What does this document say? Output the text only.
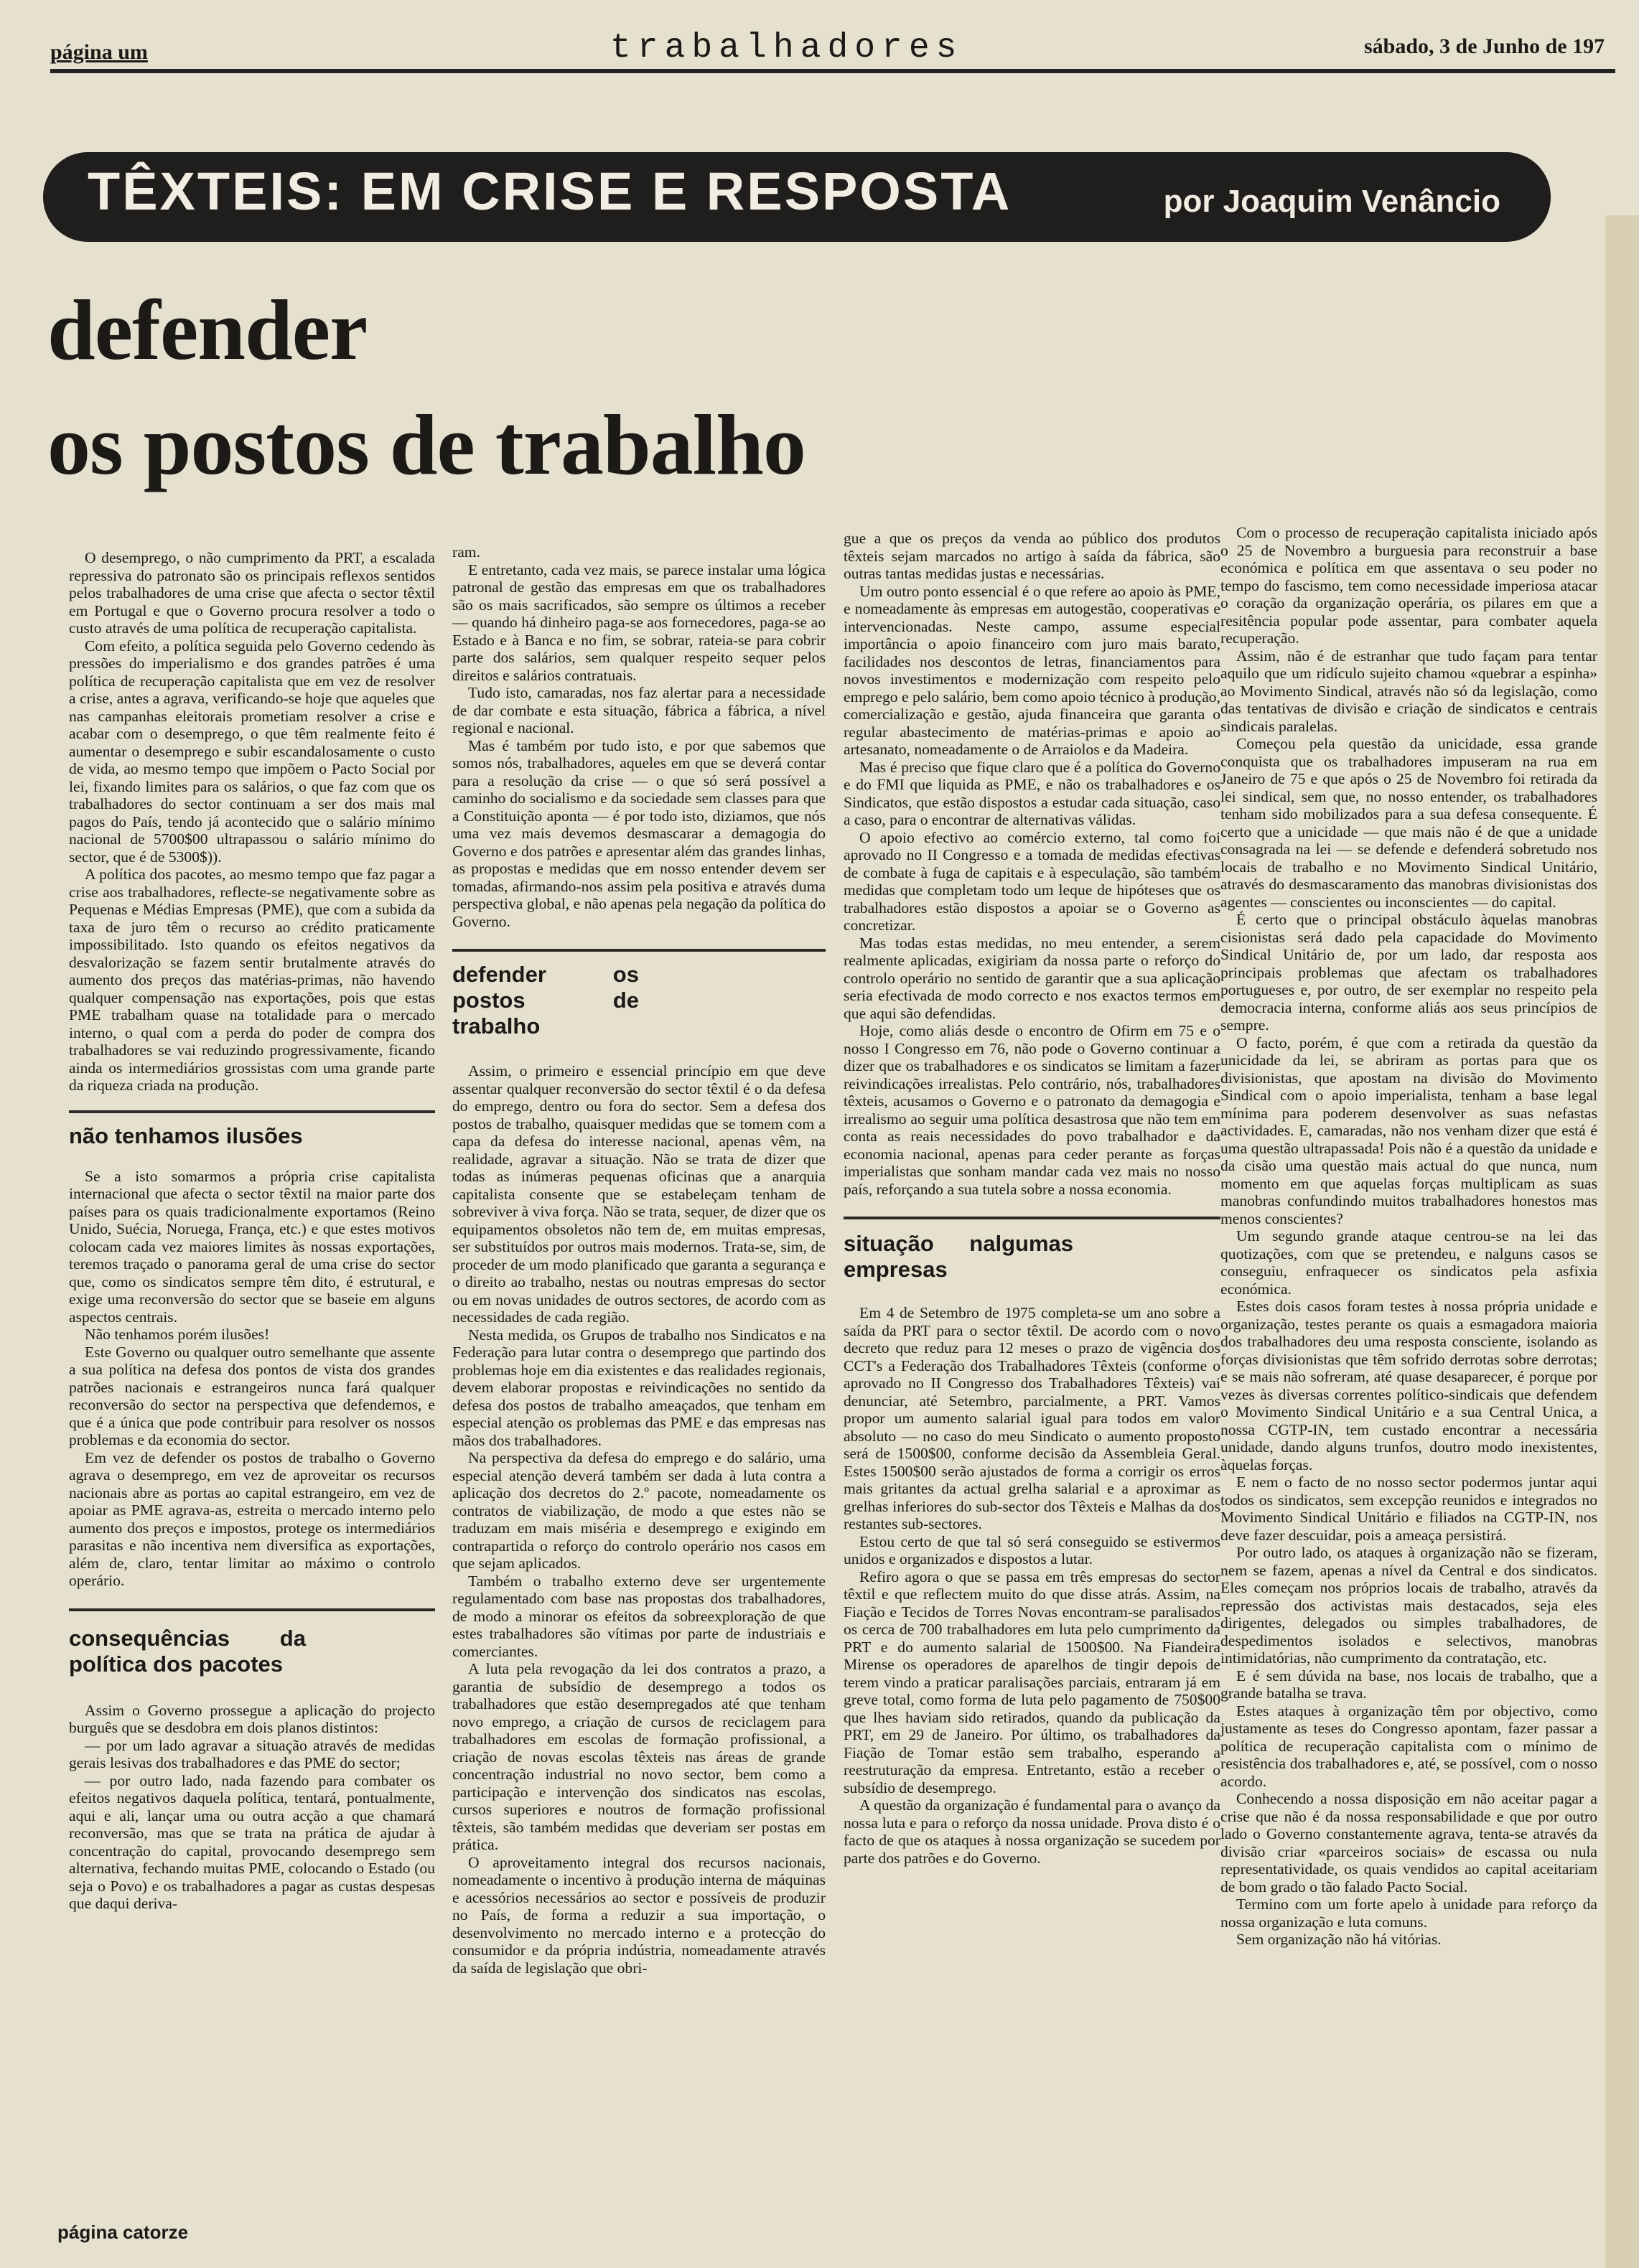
página um	trabalhadores	sábado, 3 de Junho de 197
TÊXTEIS: EM CRISE E RESPOSTA	por Joaquim Venâncio
defender
os postos de trabalho

O desemprego, o não cumprimento da PRT, a escalada repressiva do patronato são os principais reflexos sentidos pelos trabalhadores de uma crise que afecta o sector têxtil em Portugal e que o Governo procura resolver a todo o custo através de uma política de recuperação capitalista.

Com efeito, a política seguida pelo Governo cedendo às pressões do imperialismo e dos grandes patrões é uma política de recuperação capitalista que em vez de resolver a crise, antes a agrava, verificando-se hoje que aqueles que nas campanhas eleitorais prometiam resolver a crise e acabar com o desemprego, o que têm realmente feito é aumentar o desemprego e subir escandalosamente o custo de vida, ao mesmo tempo que impõem o Pacto Social por lei, fixando limites para os salários, o que faz com que os trabalhadores do sector continuam a ser dos mais mal pagos do País, tendo já acontecido que o salário mínimo nacional de 5700$00 ultrapassou o salário mínimo do sector, que é de 5300$)).

A política dos pacotes, ao mesmo tempo que faz pagar a crise aos trabalhadores, reflecte-se negativamente sobre as Pequenas e Médias Empresas (PME), que com a subida da taxa de juro têm o recurso ao crédito praticamente impossibilitado. Isto quando os efeitos negativos da desvalorização se fazem sentir brutalmente através do aumento dos preços das matérias-primas, não havendo qualquer compensação nas exportações, pois que estas PME trabalham quase na totalidade para o mercado interno, o qual com a perda do poder de compra dos trabalhadores se vai reduzindo progressivamente, ficando ainda os intermediários grossistas com uma grande parte da riqueza criada na produção.

não tenhamos ilusões

Se a isto somarmos a própria crise capitalista internacional que afecta o sector têxtil na maior parte dos países para os quais tradicionalmente exportamos (Reino Unido, Suécia, Noruega, França, etc.) e que estes motivos colocam cada vez maiores limites às nossas exportações, teremos traçado o panorama geral de uma crise do sector que, como os sindicatos sempre têm dito, é estrutural, e exige uma reconversão do sector que se baseie em alguns aspectos centrais.

Não tenhamos porém ilusões!

Este Governo ou qualquer outro semelhante que assente a sua política na defesa dos pontos de vista dos grandes patrões nacionais e estrangeiros nunca fará qualquer reconversão do sector na perspectiva que defendemos, e que é a única que pode contribuir para resolver os nossos problemas e da economia do sector.

Em vez de defender os postos de trabalho o Governo agrava o desemprego, em vez de aproveitar os recursos nacionais abre as portas ao capital estrangeiro, em vez de apoiar as PME agrava-as, estreita o mercado interno pelo aumento dos preços e impostos, protege os intermediários parasitas e não incentiva nem diversifica as exportações, além de, claro, tentar limitar ao máximo o controlo operário.

consequências da política dos pacotes

Assim o Governo prossegue a aplicação do projecto burguês que se desdobra em dois planos distintos:

— por um lado agravar a situação através de medidas gerais lesivas dos trabalhadores e das PME do sector;

— por outro lado, nada fazendo para combater os efeitos negativos daquela política, tentará, pontualmente, aqui e ali, lançar uma ou outra acção a que chamará reconversão, mas que se trata na prática de ajudar à concentração do capital, provocando desemprego sem alternativa, fechando muitas PME, colocando o Estado (ou seja o Povo) e os trabalhadores a pagar as custas despesas que daqui deriva-

ram.

E entretanto, cada vez mais, se parece instalar uma lógica patronal de gestão das empresas em que os trabalhadores são os mais sacrificados, são sempre os últimos a receber — quando há dinheiro paga-se aos fornecedores, paga-se ao Estado e à Banca e no fim, se sobrar, rateia-se para cobrir parte dos salários, sem qualquer respeito sequer pelos direitos e salários contratuais.

Tudo isto, camaradas, nos faz alertar para a necessidade de dar combate e esta situação, fábrica a fábrica, a nível regional e nacional.

Mas é também por tudo isto, e por que sabemos que somos nós, trabalhadores, aqueles em que se deverá contar para a resolução da crise — o que só será possível a caminho do socialismo e da sociedade sem classes para que a Constituição aponta — é por todo isto, diziamos, que nós uma vez mais devemos desmascarar a demagogia do Governo e dos patrões e apresentar além das grandes linhas, as propostas e medidas que em nosso entender devem ser tomadas, afirmando-nos assim pela positiva e através duma perspectiva global, e não apenas pela negação da política do Governo.

defender os postos de trabalho

Assim, o primeiro e essencial princípio em que deve assentar qualquer reconversão do sector têxtil é o da defesa do emprego, dentro ou fora do sector. Sem a defesa dos postos de trabalho, quaisquer medidas que se tomem com a capa da defesa do interesse nacional, apenas vêm, na realidade, agravar a situação. Não se trata de dizer que todas as inúmeras pequenas oficinas que a anarquia capitalista consente que se estabeleçam tenham de sobreviver à viva força. Não se trata, sequer, de dizer que os equipamentos obsoletos não tem de, em muitas empresas, ser substituídos por outros mais modernos. Trata-se, sim, de proceder de um modo planificado que garanta a segurança e o direito ao trabalho, nestas ou noutras empresas do sector ou em novas unidades de outros sectores, de acordo com as necessidades de cada região.

Nesta medida, os Grupos de trabalho nos Sindicatos e na Federação para lutar contra o desemprego que partindo dos problemas hoje em dia existentes e das realidades regionais, devem elaborar propostas e reivindicações no sentido da defesa dos postos de trabalho ameaçados, que tenham em especial atenção os problemas das PME e das empresas nas mãos dos trabalhadores.

Na perspectiva da defesa do emprego e do salário, uma especial atenção deverá também ser dada à luta contra a aplicação dos decretos do 2.º pacote, nomeadamente os contratos de viabilização, de modo a que estes não se traduzam em mais miséria e desemprego e exigindo em contrapartida o reforço do controlo operário nos casos em que sejam aplicados.

Também o trabalho externo deve ser urgentemente regulamentado com base nas propostas dos trabalhadores, de modo a minorar os efeitos da sobreexploração de que estes trabalhadores são vítimas por parte de industriais e comerciantes.

A luta pela revogação da lei dos contratos a prazo, a garantia de subsídio de desemprego a todos os trabalhadores que estão desempregados até que tenham novo emprego, a criação de cursos de reciclagem para trabalhadores em escolas de formação profissional, a criação de novas escolas têxteis nas áreas de grande concentração industrial no novo sector, bem como a participação e intervenção dos sindicatos nas escolas, cursos superiores e noutros de formação profissional têxteis, são também medidas que deveriam ser postas em prática.

O aproveitamento integral dos recursos nacionais, nomeadamente o incentivo à produção interna de máquinas e acessórios necessários ao sector e possíveis de produzir no País, de forma a reduzir a sua importação, o desenvolvimento no mercado interno e a protecção do consumidor e da própria indústria, nomeadamente através da saída de legislação que obri-

gue a que os preços da venda ao público dos produtos têxteis sejam marcados no artigo à saída da fábrica, são outras tantas medidas justas e necessárias.

Um outro ponto essencial é o que refere ao apoio às PME, e nomeadamente às empresas em autogestão, cooperativas e intervencionadas. Neste campo, assume especial importância o apoio financeiro com juro mais barato, facilidades nos descontos de letras, financiamentos para novos investimentos e modernização com respeito pelo emprego e pelo salário, bem como apoio técnico à produção, comercialização e gestão, ajuda financeira que garanta o regular abastecimento de matérias-primas e apoio ao artesanato, nomeadamente o de Arraiolos e da Madeira.

Mas é preciso que fique claro que é a política do Governo e do FMI que liquida as PME, e não os trabalhadores e os Sindicatos, que estão dispostos a estudar cada situação, caso a caso, para o encontrar de alternativas válidas.

O apoio efectivo ao comércio externo, tal como foi aprovado no II Congresso e a tomada de medidas efectivas de combate à fuga de capitais e à especulação, são também medidas que completam todo um leque de hipóteses que os trabalhadores estão dispostos a apoiar se o Governo as concretizar.

Mas todas estas medidas, no meu entender, a serem realmente aplicadas, exigiriam da nossa parte o reforço do controlo operário no sentido de garantir que a sua aplicação seria efectivada de modo correcto e nos exactos termos em que aqui são defendidas.

Hoje, como aliás desde o encontro de Ofirm em 75 e o nosso I Congresso em 76, não pode o Governo continuar a dizer que os trabalhadores e os sindicatos se limitam a fazer reivindicações irrealistas. Pelo contrário, nós, trabalhadores têxteis, acusamos o Governo e o patronato da demagogia e irrealismo ao seguir uma política desastrosa que não tem em conta as reais necessidades do povo trabalhador e da economia nacional, apenas para ceder perante as forças imperialistas que sonham mandar cada vez mais no nosso país, reforçando a sua tutela sobre a nossa economia.

situação nalgumas empresas

Em 4 de Setembro de 1975 completa-se um ano sobre a saída da PRT para o sector têxtil. De acordo com o novo decreto que reduz para 12 meses o prazo de vigência dos CCT's a Federação dos Trabalhadores Têxteis (conforme o aprovado no II Congresso dos Trabalhadores Têxteis) vai denunciar, até Setembro, parcialmente, a PRT. Vamos propor um aumento salarial igual para todos em valor absoluto — no caso do meu Sindicato o aumento proposto será de 1500$00, conforme decisão da Assembleia Geral. Estes 1500$00 serão ajustados de forma a corrigir os erros mais gritantes da actual grelha salarial e a aproximar as grelhas inferiores do sub-sector dos Têxteis e Malhas da dos restantes sub-sectores.

Estou certo de que tal só será conseguido se estivermos unidos e organizados e dispostos a lutar.

Refiro agora o que se passa em três empresas do sector têxtil e que reflectem muito do que disse atrás. Assim, na Fiação e Tecidos de Torres Novas encontram-se paralisados os cerca de 700 trabalhadores em luta pelo cumprimento da PRT e do aumento salarial de 1500$00. Na Fiandeira Mirense os operadores de aparelhos de tingir depois de terem vindo a praticar paralisações parciais, entraram já em greve total, como forma de luta pelo pagamento de 750$00 que lhes haviam sido retirados, quando da publicação da PRT, em 29 de Janeiro. Por último, os trabalhadores da Fiação de Tomar estão sem trabalho, esperando a reestruturação da empresa. Entretanto, estão a receber o subsídio de desemprego.

A questão da organização é fundamental para o avanço da nossa luta e para o reforço da nossa unidade. Prova disto é o facto de que os ataques à nossa organização se sucedem por parte dos patrões e do Governo.

Com o processo de recuperação capitalista iniciado após o 25 de Novembro a burguesia para reconstruir a base económica e política em que assentava o seu poder no tempo do fascismo, tem como necessidade imperiosa atacar o coração da organização operária, os pilares em que a resitência popular pode assentar, para combater aquela recuperação.

Assim, não é de estranhar que tudo façam para tentar aquilo que um ridículo sujeito chamou «quebrar a espinha» ao Movimento Sindical, através não só da legislação, como das tentativas de divisão e criação de sindicatos e centrais sindicais paralelas.

Começou pela questão da unicidade, essa grande conquista que os trabalhadores impuseram na rua em Janeiro de 75 e que após o 25 de Novembro foi retirada da lei sindical, sem que, no nosso entender, os trabalhadores tenham sido mobilizados para a sua defesa consequente. É certo que a unicidade — que mais não é de que a unidade consagrada na lei — se defende e defenderá sobretudo nos locais de trabalho e no Movimento Sindical Unitário, através do desmascaramento das manobras divisionistas dos agentes — conscientes ou inconscientes — do capital.

É certo que o principal obstáculo àquelas manobras cisionistas será dado pela capacidade do Movimento Sindical Unitário de, por um lado, dar resposta aos principais problemas que afectam os trabalhadores portugueses e, por outro, de ser exemplar no respeito pela democracia interna, conforme aliás aos seus princípios de sempre.

O facto, porém, é que com a retirada da questão da unicidade da lei, se abriram as portas para que os divisionistas, que apostam na divisão do Movimento Sindical com o apoio imperialista, tenham a base legal mínima para poderem desenvolver as suas nefastas actividades. E, camaradas, não nos venham dizer que está é uma questão ultrapassada! Pois não é a questão da unidade e da cisão uma questão mais actual do que nunca, num momento em que aquelas forças multiplicam as suas manobras confundindo muitos trabalhadores honestos mas menos conscientes?

Um segundo grande ataque centrou-se na lei das quotizações, com que se pretendeu, e nalguns casos se conseguiu, enfraquecer os sindicatos pela asfixia económica.

Estes dois casos foram testes à nossa própria unidade e organização, testes perante os quais a esmagadora maioria dos trabalhadores deu uma resposta consciente, isolando as forças divisionistas que têm sofrido derrotas sobre derrotas; e se mais não sofreram, até quase desaparecer, é porque por vezes às diversas correntes político-sindicais que defendem o Movimento Sindical Unitário e a sua Central Unica, a nossa CGTP-IN, tem custado encontrar a necessária unidade, dando alguns trunfos, doutro modo inexistentes, àquelas forças.

E nem o facto de no nosso sector podermos juntar aqui todos os sindicatos, sem excepção reunidos e integrados no Movimento Sindical Unitário e filiados na CGTP-IN, nos deve fazer descuidar, pois a ameaça persistirá.

Por outro lado, os ataques à organização não se fizeram, nem se fazem, apenas a nível da Central e dos sindicatos. Eles começam nos próprios locais de trabalho, através da repressão dos activistas mais destacados, seja eles dirigentes, delegados ou simples trabalhadores, de despedimentos isolados e selectivos, manobras intimidatórias, não cumprimento da contratação, etc.

E é sem dúvida na base, nos locais de trabalho, que a grande batalha se trava.

Estes ataques à organização têm por objectivo, como justamente as teses do Congresso apontam, fazer passar a política de recuperação capitalista com o mínimo de resistência dos trabalhadores e, até, se possível, com o nosso acordo.

Conhecendo a nossa disposição em não aceitar pagar a crise que não é da nossa responsabilidade e que por outro lado o Governo constantemente agrava, tenta-se através da divisão criar «parceiros sociais» de escassa ou nula representatividade, os quais vendidos ao capital aceitariam de bom grado o tão falado Pacto Social.

Termino com um forte apelo à unidade para reforço da nossa organização e luta comuns.

Sem organização não há vitórias.

página catorze
